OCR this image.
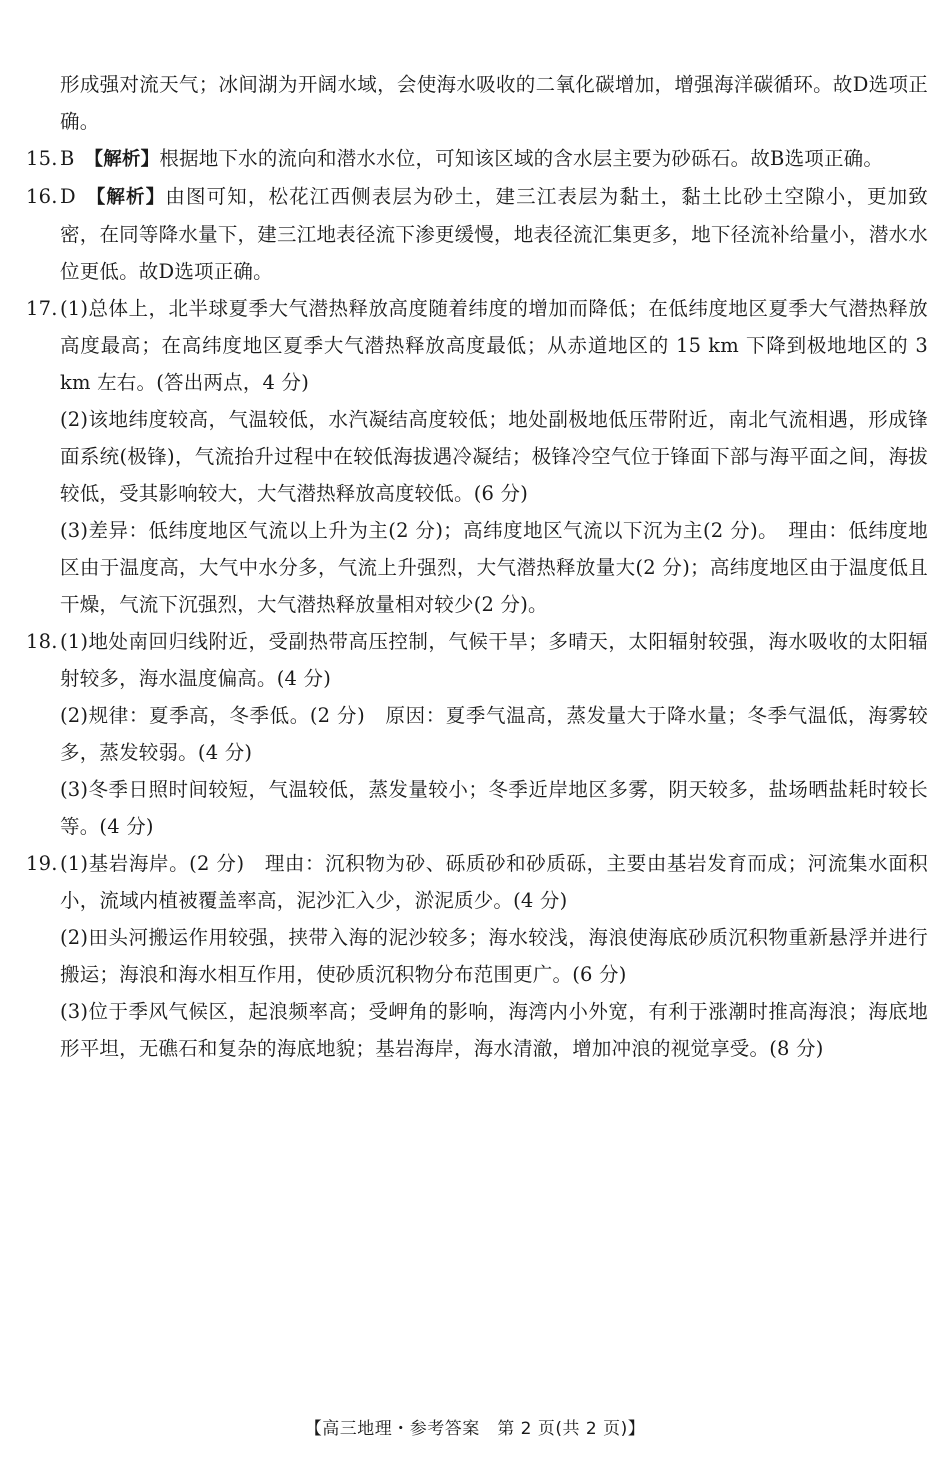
形成强对流天气；冰间湖为开阔水域，会使海水吸收的二氧化碳增加，增强海洋碳循环。故D选项正确。

15. B 【解析】根据地下水的流向和潜水水位，可知该区域的含水层主要为砂砾石。故B选项正确。

16. D 【解析】由图可知，松花江西侧表层为砂土，建三江表层为黏土，黏土比砂土空隙小，更加致密，在同等降水量下，建三江地表径流下渗更缓慢，地表径流汇集更多，地下径流补给量小，潜水水位更低。故D选项正确。

17. (1)总体上，北半球夏季大气潜热释放高度随着纬度的增加而降低；在低纬度地区夏季大气潜热释放高度最高；在高纬度地区夏季大气潜热释放高度最低；从赤道地区的 15 km 下降到极地地区的 3 km 左右。(答出两点，4 分)

(2)该地纬度较高，气温较低，水汽凝结高度较低；地处副极地低压带附近，南北气流相遇，形成锋面系统(极锋)，气流抬升过程中在较低海拔遇冷凝结；极锋冷空气位于锋面下部与海平面之间，海拔较低，受其影响较大，大气潜热释放高度较低。(6 分)

(3)差异：低纬度地区气流以上升为主(2 分)；高纬度地区气流以下沉为主(2 分)。　理由：低纬度地区由于温度高，大气中水分多，气流上升强烈，大气潜热释放量大(2 分)；高纬度地区由于温度低且干燥，气流下沉强烈，大气潜热释放量相对较少(2 分)。

18. (1)地处南回归线附近，受副热带高压控制，气候干旱；多晴天，太阳辐射较强，海水吸收的太阳辐射较多，海水温度偏高。(4 分)

(2)规律：夏季高，冬季低。(2 分)　原因：夏季气温高，蒸发量大于降水量；冬季气温低，海雾较多，蒸发较弱。(4 分)

(3)冬季日照时间较短，气温较低，蒸发量较小；冬季近岸地区多雾，阴天较多，盐场晒盐耗时较长等。(4 分)

19. (1)基岩海岸。(2 分)　理由：沉积物为砂、砾质砂和砂质砾，主要由基岩发育而成；河流集水面积小，流域内植被覆盖率高，泥沙汇入少，淤泥质少。(4 分)

(2)田头河搬运作用较强，挟带入海的泥沙较多；海水较浅，海浪使海底砂质沉积物重新悬浮并进行搬运；海浪和海水相互作用，使砂质沉积物分布范围更广。(6 分)

(3)位于季风气候区，起浪频率高；受岬角的影响，海湾内小外宽，有利于涨潮时推高海浪；海底地形平坦，无礁石和复杂的海底地貌；基岩海岸，海水清澈，增加冲浪的视觉享受。(8 分)

【高三地理・参考答案　第 2 页(共 2 页)】
